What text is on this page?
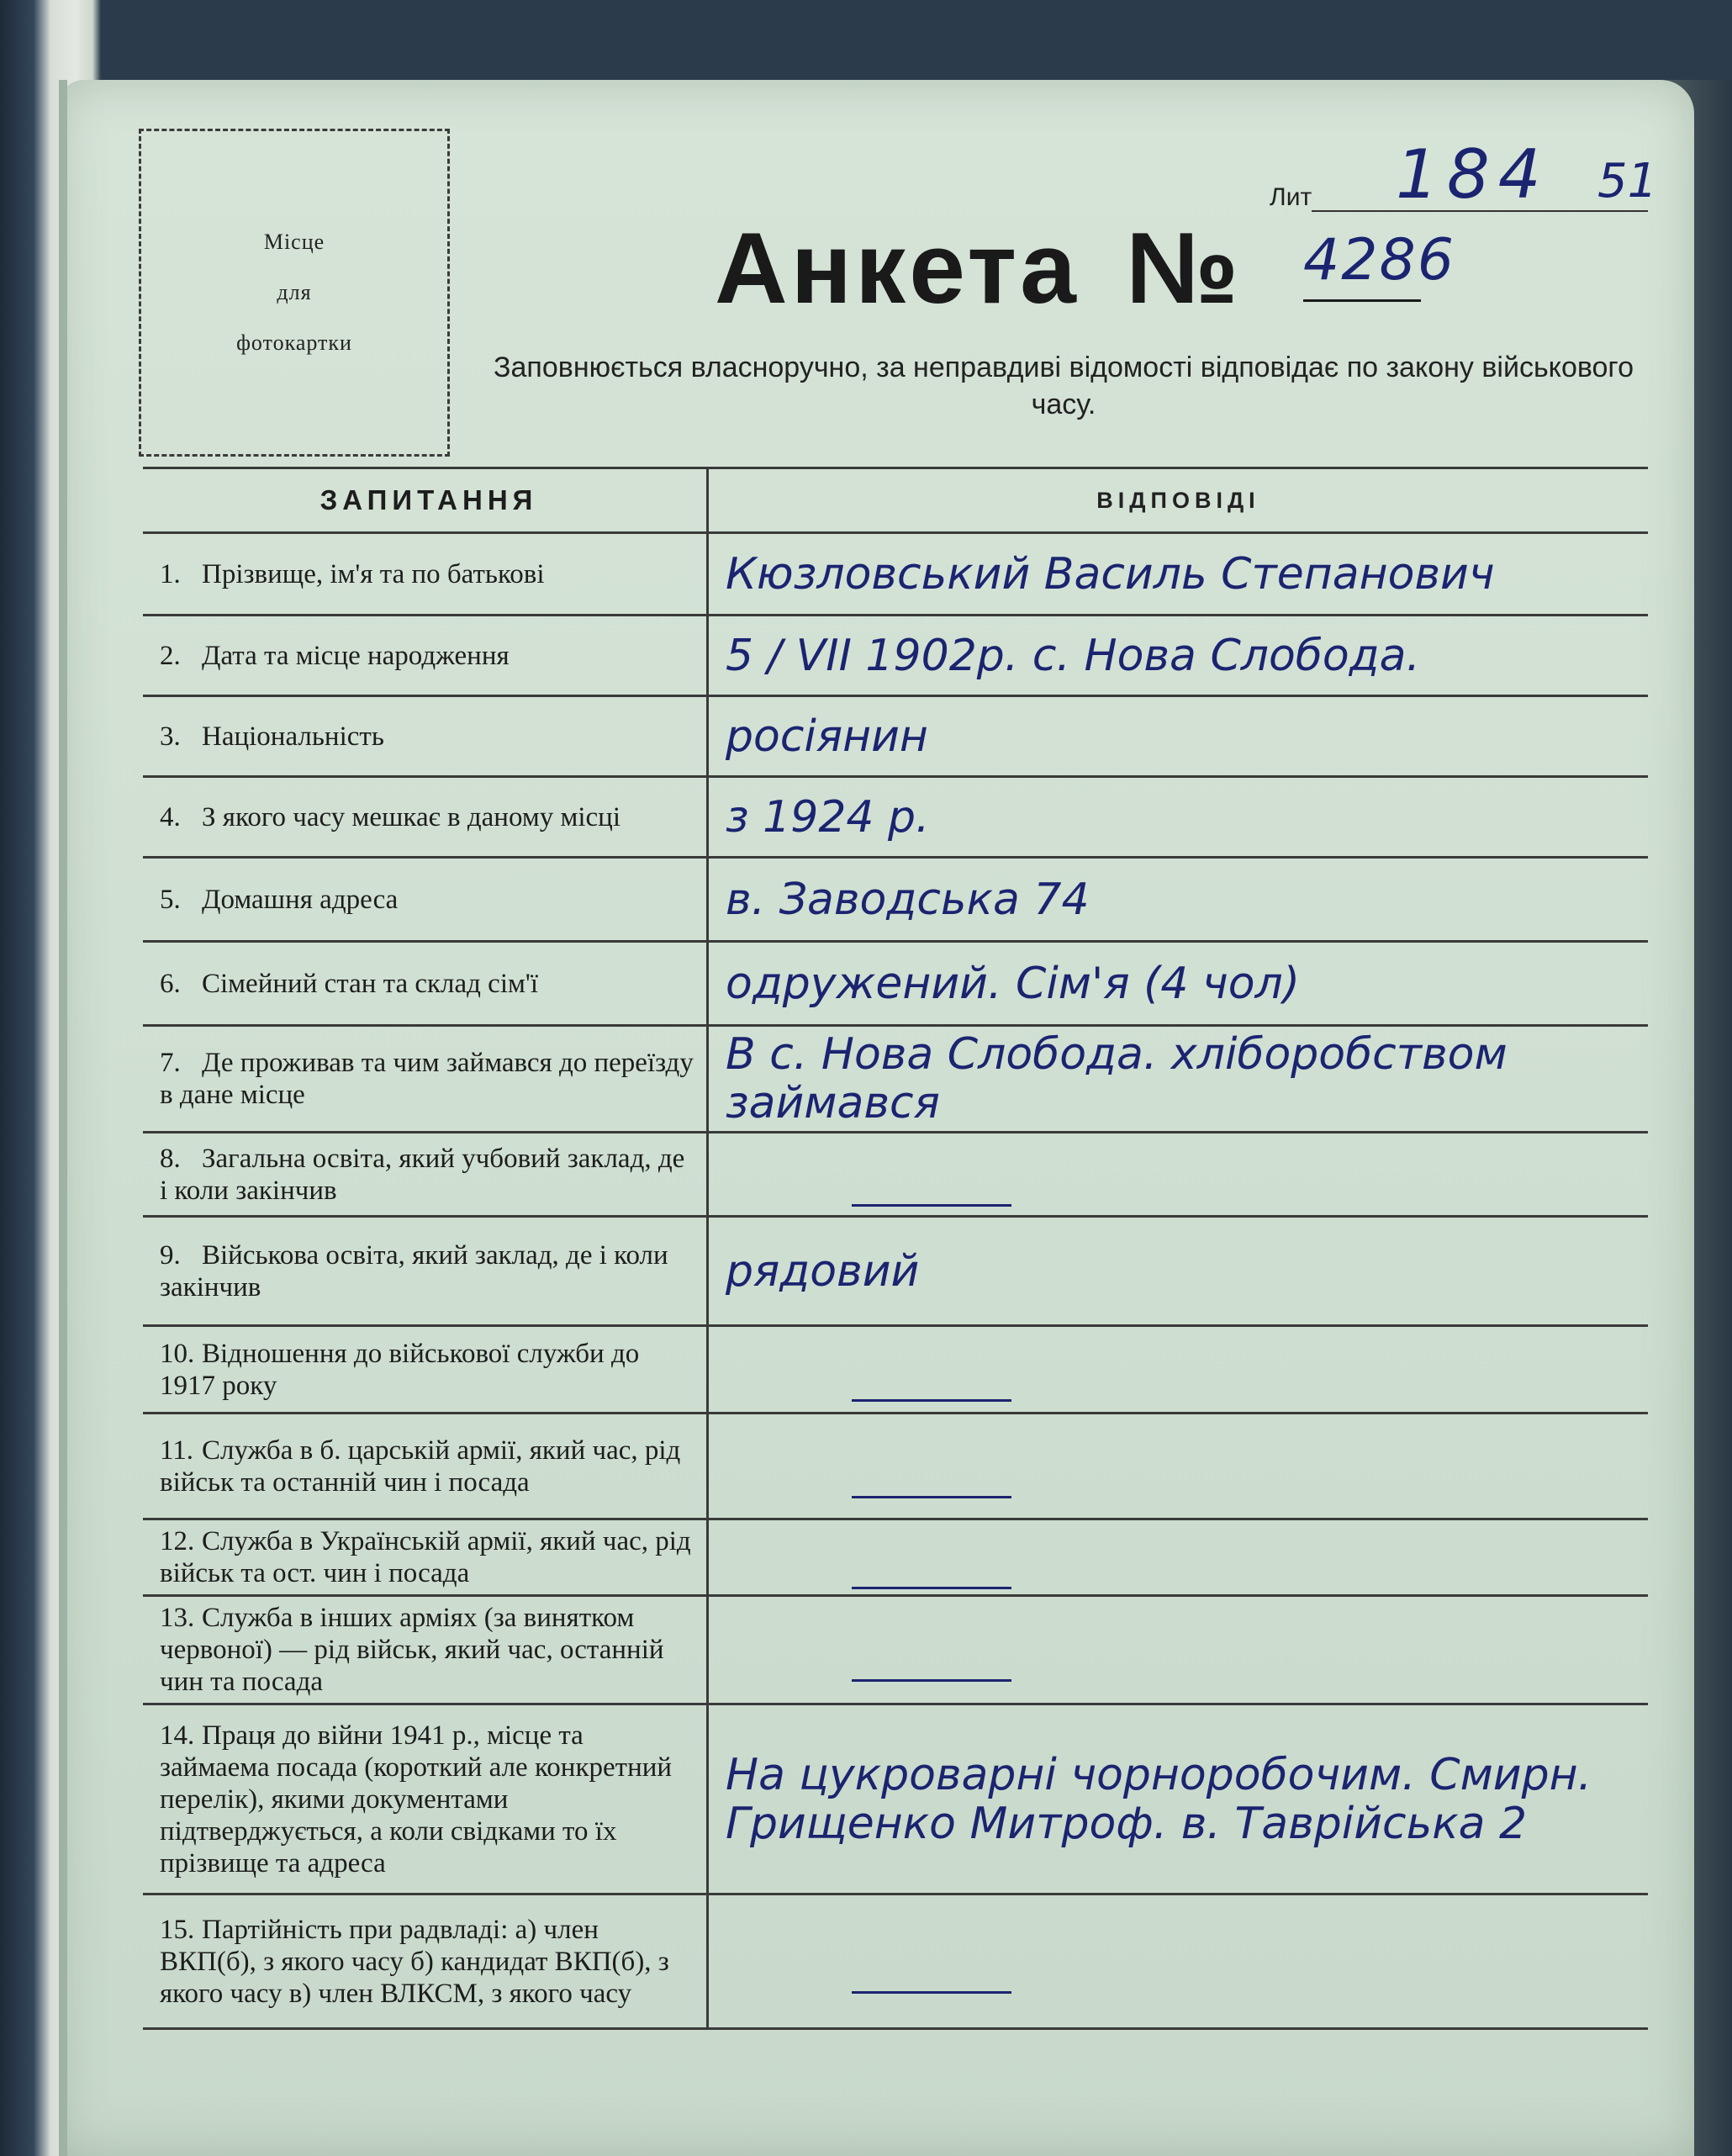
Місце
для
фотокартки
Лит 184 51
Анкета № 4286
Заповнюється власноручно, за неправдиві відомості відповідає по закону військового часу.
ЗАПИТАННЯ	ВІДПОВІДІ
1. Прізвище, ім'я та по батькові	Кюзловський Василь Степанович
2. Дата та місце народження	5 / VII 1902р. с. Нова Слобода.
3. Національність	росіянин
4. З якого часу мешкає в даному місці	з 1924 р.
5. Домашня адреса	в. Заводська 74
6. Сімейний стан та склад сім'ї	одружений. Сім'я (4 чол)
7. Де проживав та чим займався до переїзду в дане місце	В с. Нова Слобода. хліборобством займався
8. Загальна освіта, який учбовий заклад, де і коли закінчив	
9. Військова освіта, який заклад, де і коли закінчив	рядовий
10. Відношення до військової служби до 1917 року	
11. Служба в б. царській армії, який час, рід військ та останній чин і посада	
12. Служба в Українській армії, який час, рід військ та ост. чин і посада	
13. Служба в інших арміях (за винятком червоної) — рід військ, який час, останній чин та посада	
14. Праця до війни 1941 р., місце та займаема посада (короткий але конкретний перелік), якими документами підтверджується, а коли свідками то їх прізвище та адреса	На цукроварні чорноробочим. Смирн. Грищенко Митроф. в. Таврійська 2
15. Партійність при радвладі: а) член ВКП(б), з якого часу б) кандидат ВКП(б), з якого часу в) член ВЛКСМ, з якого часу	
